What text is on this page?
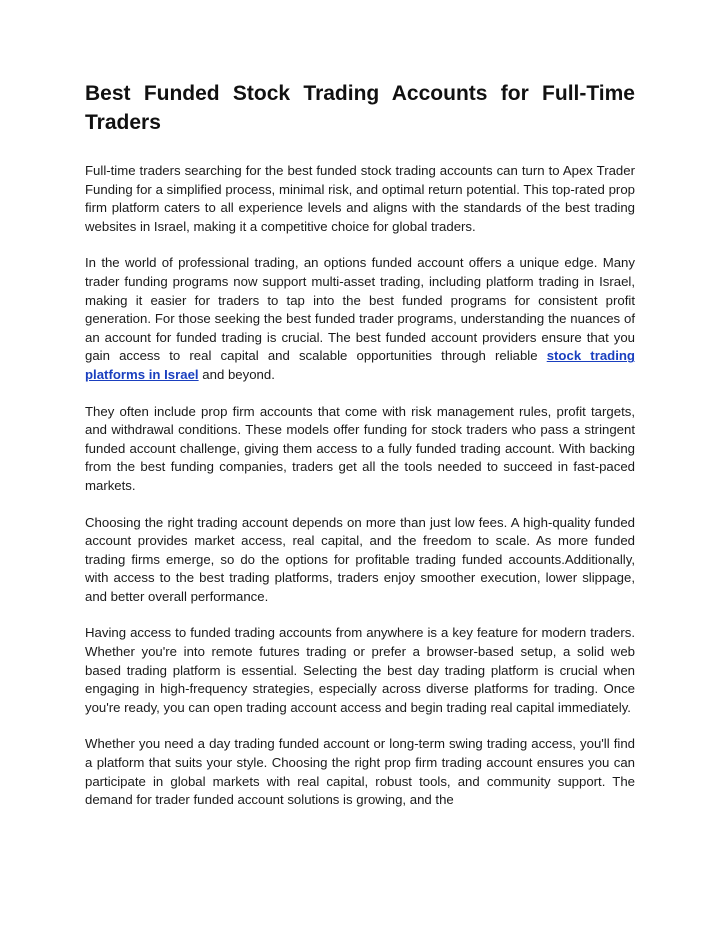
Best Funded Stock Trading Accounts for Full-Time Traders

Full-time traders searching for the best funded stock trading accounts can turn to Apex Trader Funding for a simplified process, minimal risk, and optimal return potential. This top-rated prop firm platform caters to all experience levels and aligns with the standards of the best trading websites in Israel, making it a competitive choice for global traders.

In the world of professional trading, an options funded account offers a unique edge. Many trader funding programs now support multi-asset trading, including platform trading in Israel, making it easier for traders to tap into the best funded programs for consistent profit generation. For those seeking the best funded trader programs, understanding the nuances of an account for funded trading is crucial. The best funded account providers ensure that you gain access to real capital and scalable opportunities through reliable stock trading platforms in Israel and beyond.

They often include prop firm accounts that come with risk management rules, profit targets, and withdrawal conditions. These models offer funding for stock traders who pass a stringent funded account challenge, giving them access to a fully funded trading account. With backing from the best funding companies, traders get all the tools needed to succeed in fast-paced markets.

Choosing the right trading account depends on more than just low fees. A high-quality funded account provides market access, real capital, and the freedom to scale. As more funded trading firms emerge, so do the options for profitable trading funded accounts.Additionally, with access to the best trading platforms, traders enjoy smoother execution, lower slippage, and better overall performance.

Having access to funded trading accounts from anywhere is a key feature for modern traders. Whether you're into remote futures trading or prefer a browser-based setup, a solid web based trading platform is essential. Selecting the best day trading platform is crucial when engaging in high-frequency strategies, especially across diverse platforms for trading. Once you're ready, you can open trading account access and begin trading real capital immediately.

Whether you need a day trading funded account or long-term swing trading access, you'll find a platform that suits your style. Choosing the right prop firm trading account ensures you can participate in global markets with real capital, robust tools, and community support. The demand for trader funded account solutions is growing, and the
